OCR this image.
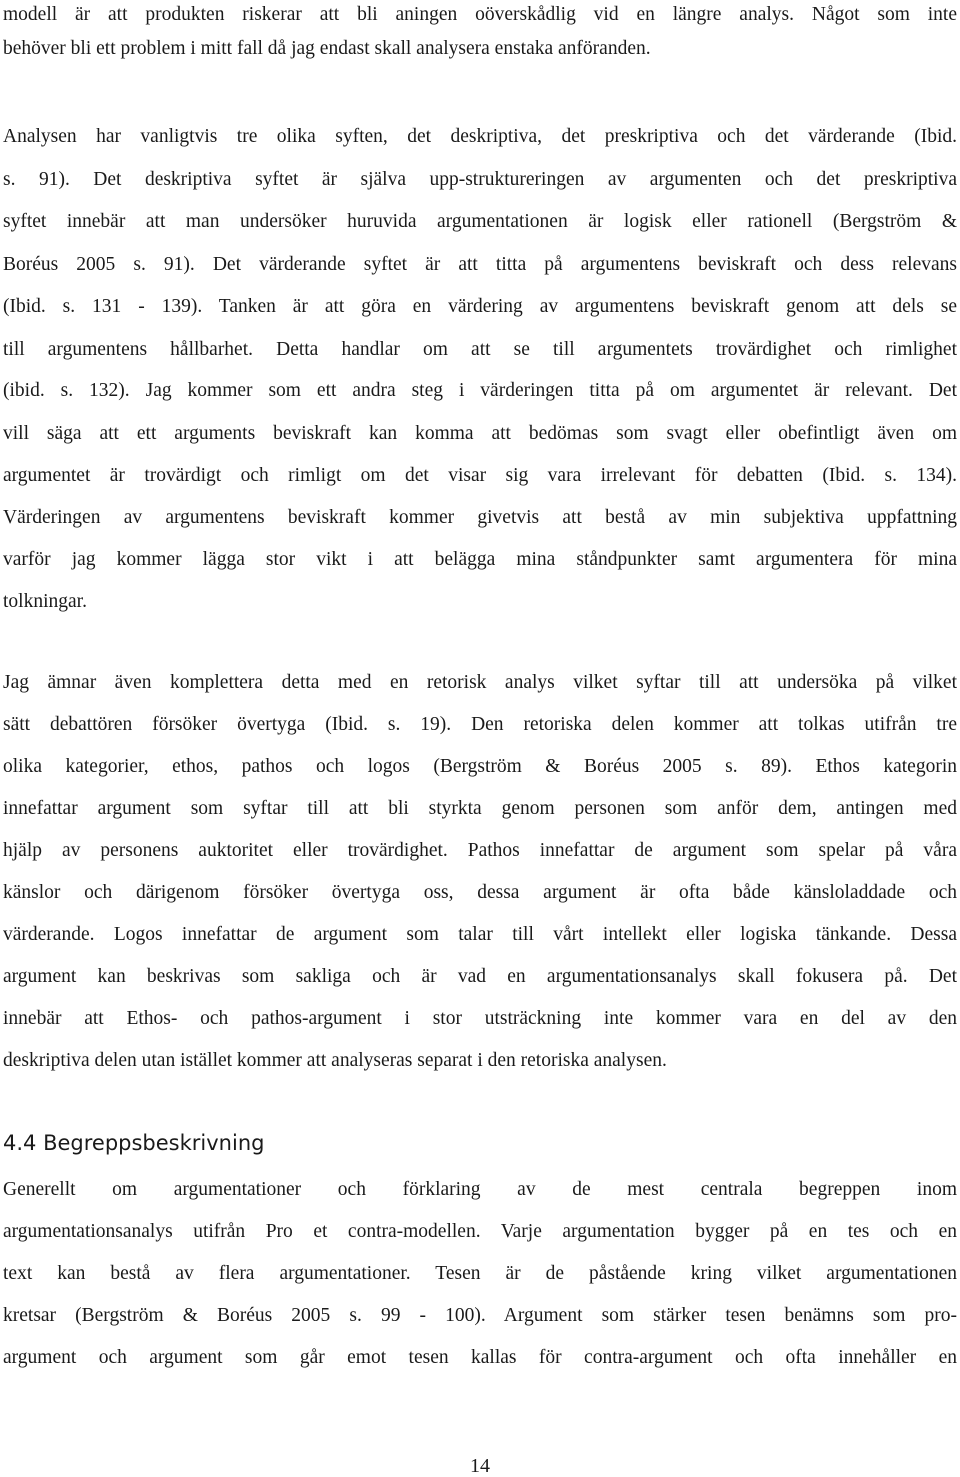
modell är att produkten riskerar att bli aningen oöverskådlig vid en längre analys. Något som inte
behöver bli ett problem i mitt fall då jag endast skall analysera enstaka anföranden.
Analysen har vanligtvis tre olika syften, det deskriptiva, det preskriptiva och det värderande (Ibid.
s. 91). Det deskriptiva syftet är själva upp-struktureringen av argumenten och det preskriptiva
syftet innebär att man undersöker huruvida argumentationen är logisk eller rationell (Bergström &
Boréus 2005 s. 91). Det värderande syftet är att titta på argumentens beviskraft och dess relevans
(Ibid. s. 131 - 139). Tanken är att göra en värdering av argumentens beviskraft genom att dels se
till argumentens hållbarhet. Detta handlar om att se till argumentets trovärdighet och rimlighet
(ibid. s. 132). Jag kommer som ett andra steg i värderingen titta på om argumentet är relevant. Det
vill säga att ett arguments beviskraft kan komma att bedömas som svagt eller obefintligt även om
argumentet är trovärdigt och rimligt om det visar sig vara irrelevant för debatten (Ibid. s. 134).
Värderingen av argumentens beviskraft kommer givetvis att bestå av min subjektiva uppfattning
varför jag kommer lägga stor vikt i att belägga mina ståndpunkter samt argumentera för mina
tolkningar.
Jag ämnar även komplettera detta med en retorisk analys vilket syftar till att undersöka på vilket
sätt debattören försöker övertyga (Ibid. s. 19). Den retoriska delen kommer att tolkas utifrån tre
olika kategorier, ethos, pathos och logos (Bergström & Boréus 2005 s. 89). Ethos kategorin
innefattar argument som syftar till att bli styrkta genom personen som anför dem, antingen med
hjälp av personens auktoritet eller trovärdighet. Pathos innefattar de argument som spelar på våra
känslor och därigenom försöker övertyga oss, dessa argument är ofta både känsloladdade och
värderande. Logos innefattar de argument som talar till vårt intellekt eller logiska tänkande. Dessa
argument kan beskrivas som sakliga och är vad en argumentationsanalys skall fokusera på. Det
innebär att Ethos- och pathos-argument i stor utsträckning inte kommer vara en del av den
deskriptiva delen utan istället kommer att analyseras separat i den retoriska analysen.
4.4 Begreppsbeskrivning
Generellt om argumentationer och förklaring av de mest centrala begreppen inom
argumentationsanalys utifrån Pro et contra-modellen. Varje argumentation bygger på en tes och en
text kan bestå av flera argumentationer. Tesen är de påstående kring vilket argumentationen
kretsar (Bergström & Boréus 2005 s. 99 - 100). Argument som stärker tesen benämns som pro-
argument och argument som går emot tesen kallas för contra-argument och ofta innehåller en
14
